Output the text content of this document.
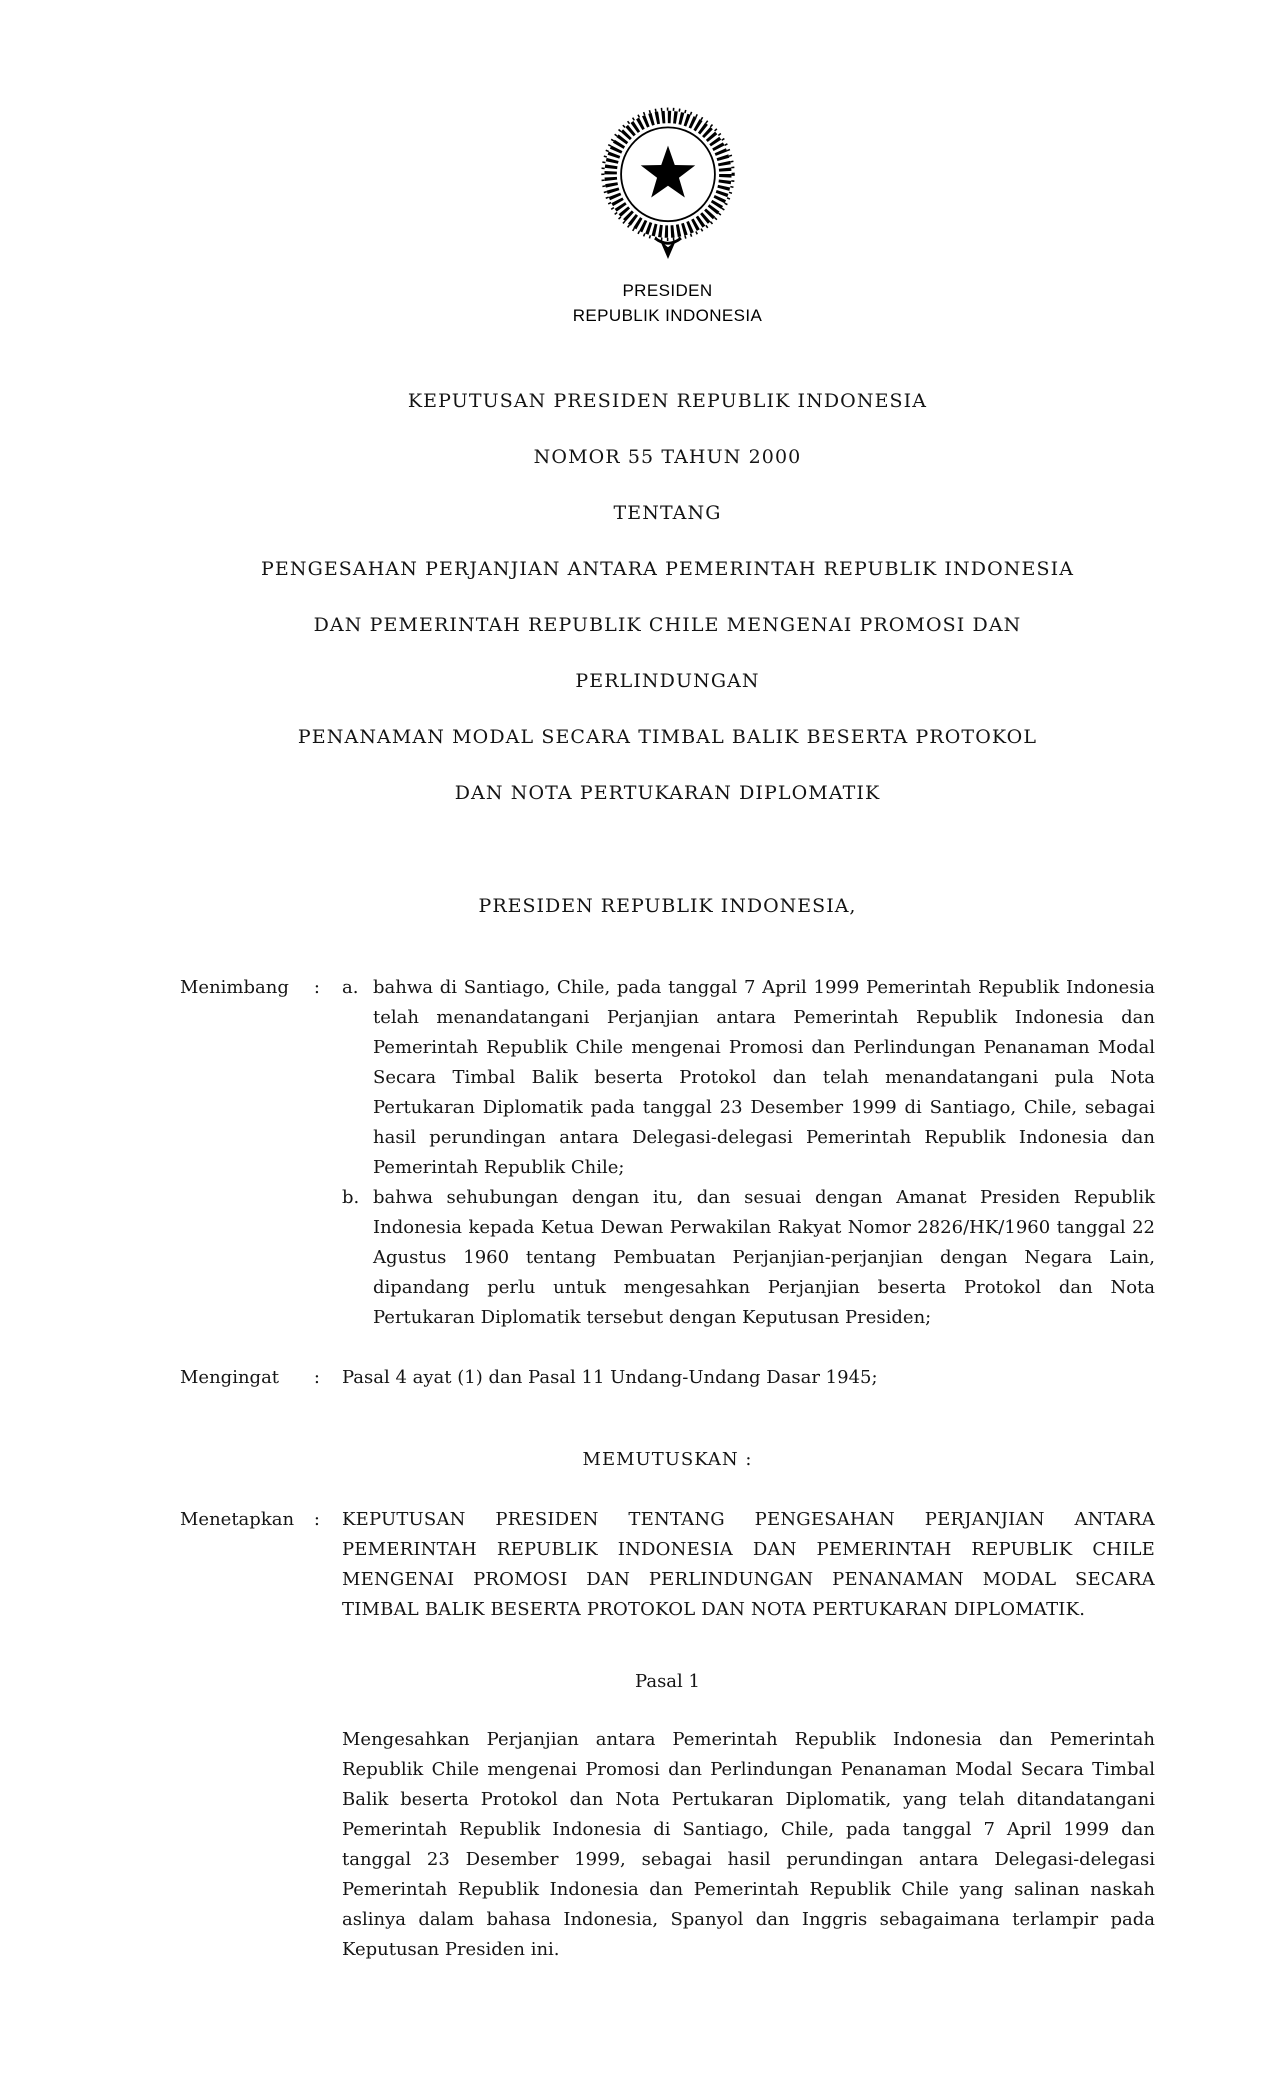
PRESIDEN
REPUBLIK INDONESIA
KEPUTUSAN PRESIDEN REPUBLIK INDONESIA
NOMOR 55 TAHUN 2000
TENTANG
PENGESAHAN PERJANJIAN ANTARA PEMERINTAH REPUBLIK INDONESIA
DAN PEMERINTAH REPUBLIK CHILE MENGENAI PROMOSI DAN
PERLINDUNGAN
PENANAMAN MODAL SECARA TIMBAL BALIK BESERTA PROTOKOL
DAN NOTA PERTUKARAN DIPLOMATIK
PRESIDEN REPUBLIK INDONESIA,
Menimbang : a. bahwa di Santiago, Chile, pada tanggal 7 April 1999 Pemerintah Republik Indonesia telah menandatangani Perjanjian antara Pemerintah Republik Indonesia dan Pemerintah Republik Chile mengenai Promosi dan Perlindungan Penanaman Modal Secara Timbal Balik beserta Protokol dan telah menandatangani pula Nota Pertukaran Diplomatik pada tanggal 23 Desember 1999 di Santiago, Chile, sebagai hasil perundingan antara Delegasi-delegasi Pemerintah Republik Indonesia dan Pemerintah Republik Chile;

b. bahwa sehubungan dengan itu, dan sesuai dengan Amanat Presiden Republik Indonesia kepada Ketua Dewan Perwakilan Rakyat Nomor 2826/HK/1960 tanggal 22 Agustus 1960 tentang Pembuatan Perjanjian-perjanjian dengan Negara Lain, dipandang perlu untuk mengesahkan Perjanjian beserta Protokol dan Nota Pertukaran Diplomatik tersebut dengan Keputusan Presiden;

Mengingat : Pasal 4 ayat (1) dan Pasal 11 Undang-Undang Dasar 1945;

MEMUTUSKAN :
Menetapkan : KEPUTUSAN PRESIDEN TENTANG PENGESAHAN PERJANJIAN ANTARA PEMERINTAH REPUBLIK INDONESIA DAN PEMERINTAH REPUBLIK CHILE MENGENAI PROMOSI DAN PERLINDUNGAN PENANAMAN MODAL SECARA TIMBAL BALIK BESERTA PROTOKOL DAN NOTA PERTUKARAN DIPLOMATIK.

Pasal 1

Mengesahkan Perjanjian antara Pemerintah Republik Indonesia dan Pemerintah Republik Chile mengenai Promosi dan Perlindungan Penanaman Modal Secara Timbal Balik beserta Protokol dan Nota Pertukaran Diplomatik, yang telah ditandatangani Pemerintah Republik Indonesia di Santiago, Chile, pada tanggal 7 April 1999 dan tanggal 23 Desember 1999, sebagai hasil perundingan antara Delegasi-delegasi Pemerintah Republik Indonesia dan Pemerintah Republik Chile yang salinan naskah aslinya dalam bahasa Indonesia, Spanyol dan Inggris sebagaimana terlampir pada Keputusan Presiden ini.
